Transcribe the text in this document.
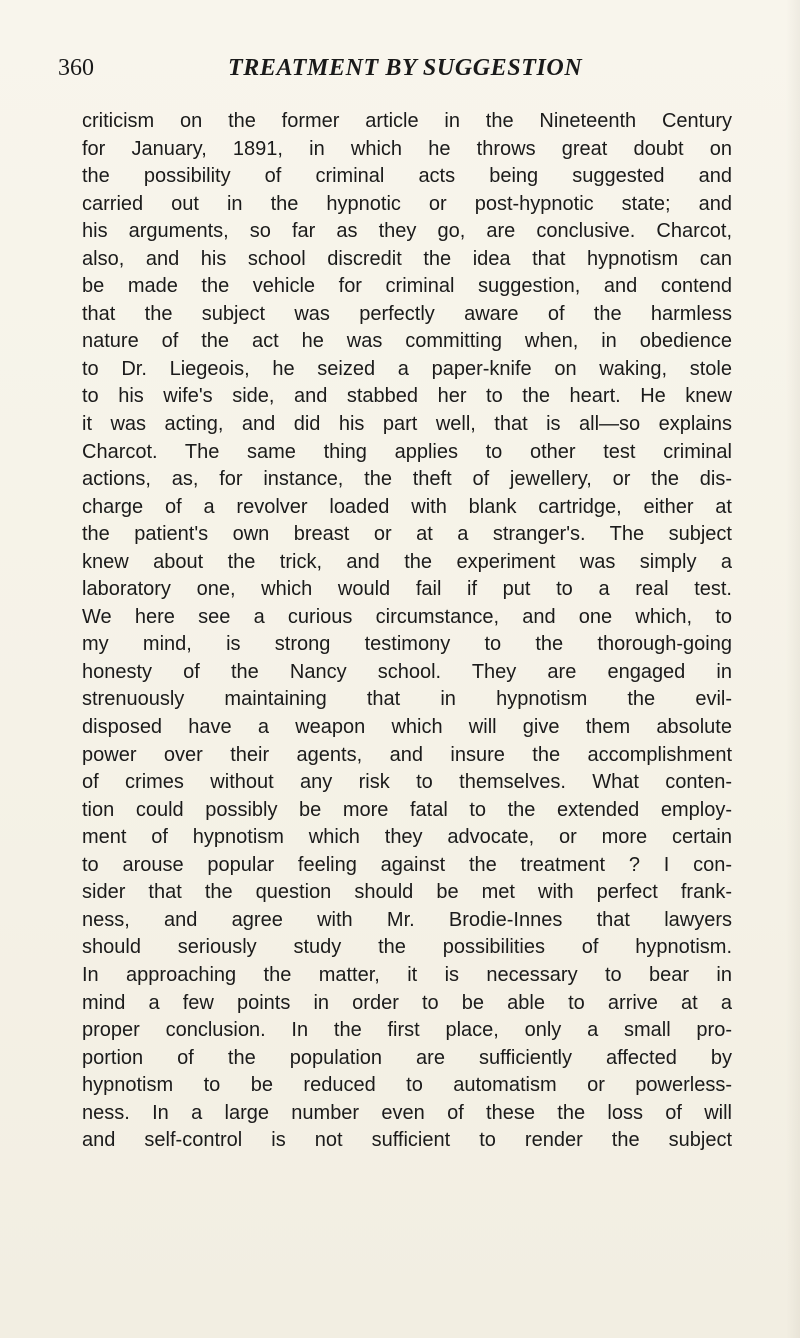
360	TREATMENT BY SUGGESTION
criticism on the former article in the Nineteenth Century
for January, 1891, in which he throws great doubt on
the possibility of criminal acts being suggested and
carried out in the hypnotic or post-hypnotic state; and
his arguments, so far as they go, are conclusive. Charcot,
also, and his school discredit the idea that hypnotism can
be made the vehicle for criminal suggestion, and contend
that the subject was perfectly aware of the harmless
nature of the act he was committing when, in obedience
to Dr. Liegeois, he seized a paper-knife on waking, stole
to his wife's side, and stabbed her to the heart. He knew
it was acting, and did his part well, that is all—so explains
Charcot. The same thing applies to other test criminal
actions, as, for instance, the theft of jewellery, or the dis-
charge of a revolver loaded with blank cartridge, either at
the patient's own breast or at a stranger's. The subject
knew about the trick, and the experiment was simply a
laboratory one, which would fail if put to a real test.
We here see a curious circumstance, and one which, to
my mind, is strong testimony to the thorough-going
honesty of the Nancy school. They are engaged in
strenuously maintaining that in hypnotism the evil-
disposed have a weapon which will give them absolute
power over their agents, and insure the accomplishment
of crimes without any risk to themselves. What conten-
tion could possibly be more fatal to the extended employ-
ment of hypnotism which they advocate, or more certain
to arouse popular feeling against the treatment ? I con-
sider that the question should be met with perfect frank-
ness, and agree with Mr. Brodie-Innes that lawyers
should seriously study the possibilities of hypnotism.
In approaching the matter, it is necessary to bear in
mind a few points in order to be able to arrive at a
proper conclusion. In the first place, only a small pro-
portion of the population are sufficiently affected by
hypnotism to be reduced to automatism or powerless-
ness. In a large number even of these the loss of will
and self-control is not sufficient to render the subject
